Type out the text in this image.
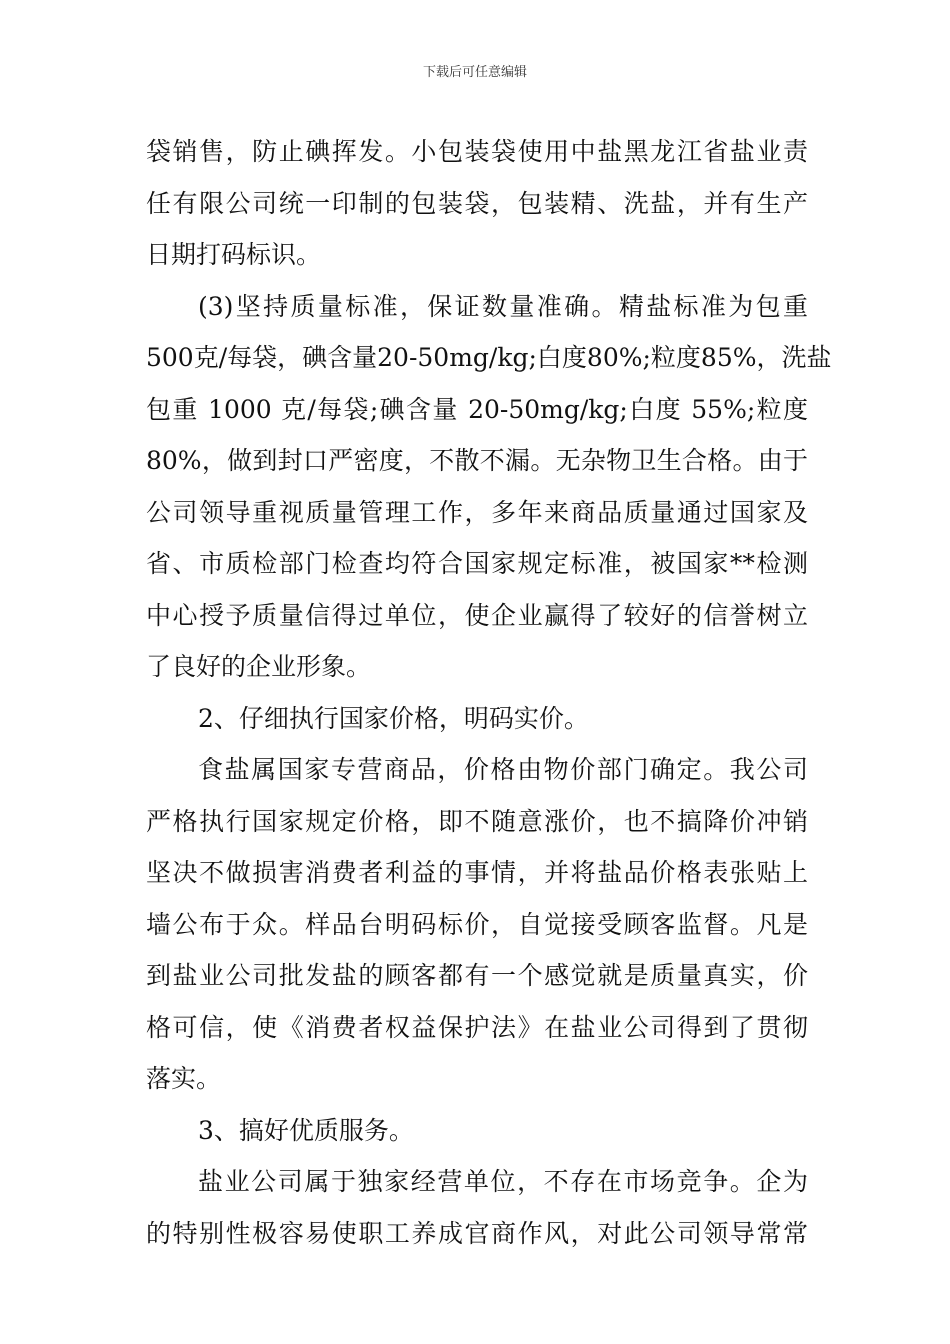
下载后可任意编辑
袋销售，防止碘挥发。小包装袋使用中盐黑龙江省盐业责
任有限公司统一印制的包装袋，包装精、洗盐，并有生产
日期打码标识。
(3)坚持质量标准，保证数量准确。精盐标准为包重
500克/每袋，碘含量20-50mg/kg;白度80%;粒度85%，洗盐
包重 1000 克/每袋;碘含量 20-50mg/kg;白度 55%;粒度
80%，做到封口严密度，不散不漏。无杂物卫生合格。由于
公司领导重视质量管理工作，多年来商品质量通过国家及
省、市质检部门检查均符合国家规定标准，被国家**检测
中心授予质量信得过单位，使企业赢得了较好的信誉树立
了良好的企业形象。
2、仔细执行国家价格，明码实价。
食盐属国家专营商品，价格由物价部门确定。我公司
严格执行国家规定价格，即不随意涨价，也不搞降价冲销
坚决不做损害消费者利益的事情，并将盐品价格表张贴上
墙公布于众。样品台明码标价，自觉接受顾客监督。凡是
到盐业公司批发盐的顾客都有一个感觉就是质量真实，价
格可信，使《消费者权益保护法》在盐业公司得到了贯彻
落实。
3、搞好优质服务。
盐业公司属于独家经营单位，不存在市场竞争。企为
的特别性极容易使职工养成官商作风，对此公司领导常常
